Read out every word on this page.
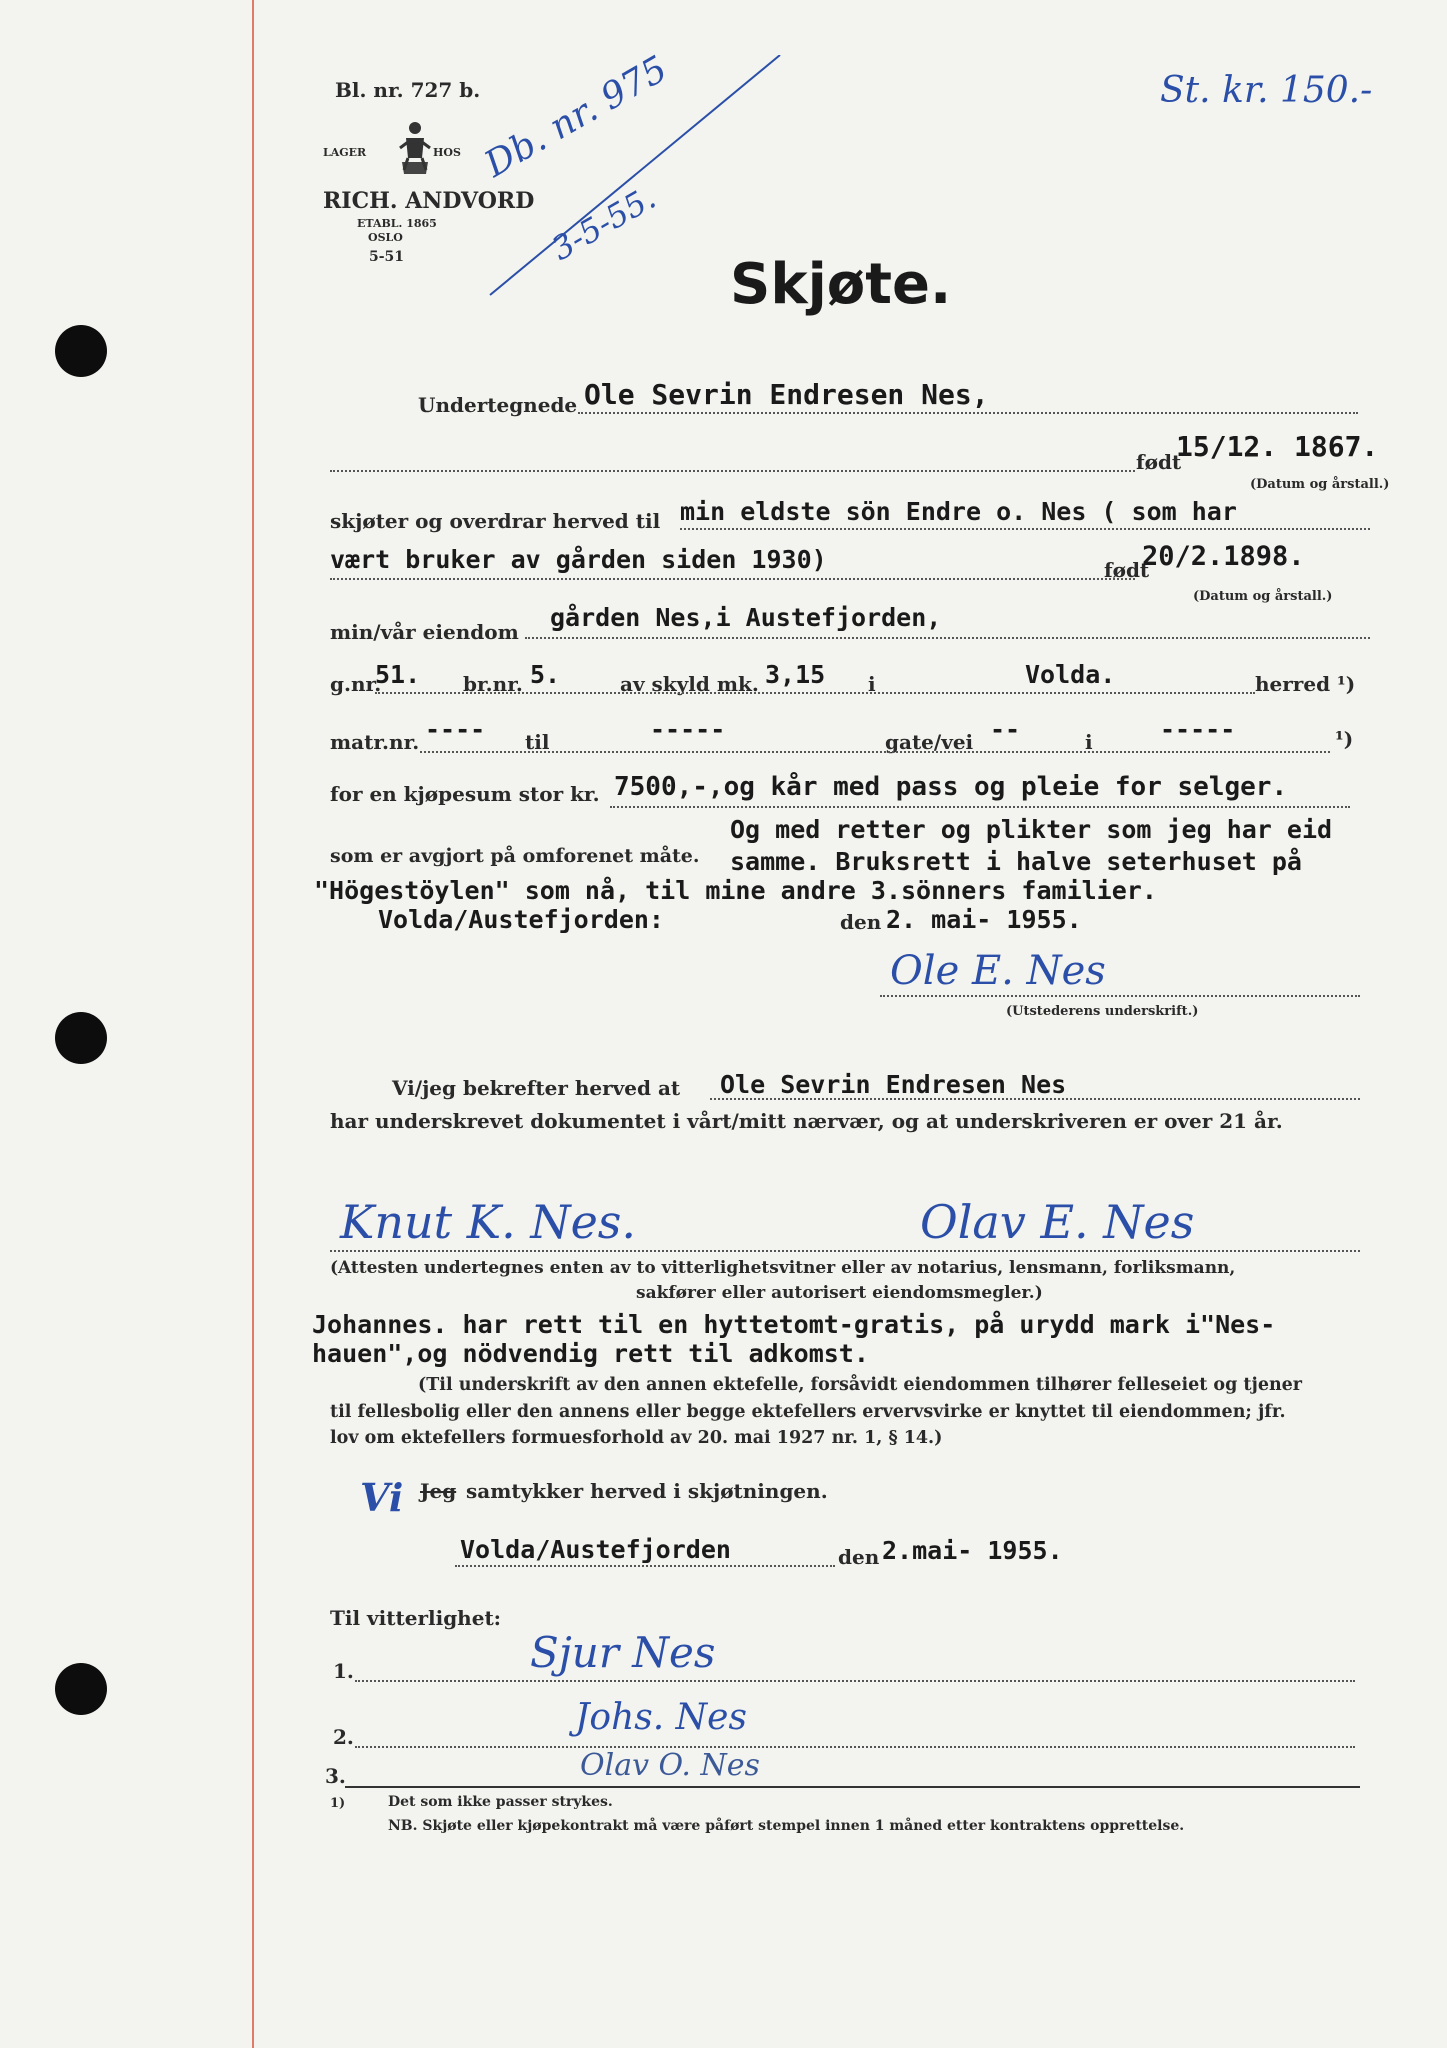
Bl. nr. 727 b.
LAGER	HOS
RICH. ANDVORD
ETABL. 1865
OSLO
5-51
Db. nr. 975
3-5-55.
St. kr. 150.-
Skjøte.
Undertegnede Ole Sevrin Endresen Nes,
født
15/12. 1867.
(Datum og årstall.)
skjøter og overdrar herved til min eldste sön Endre o. Nes ( som har
vært bruker av gården siden 1930)	født
20/2.1898.
(Datum og årstall.)
min/vår eiendom gården Nes,i Austefjorden,
g.nr.
51. br.nr. 5.	av skyld mk. 3,15 i	Volda.	herred ¹)
matr.nr. ---- til	-----	gate/vei --	i	-----	¹)
for en kjøpesum stor kr. 7500,-,og kår med pass og pleie for selger.
som er avgjort på omforenet måte.
Og med retter og plikter som jeg har eid
samme. Bruksrett i halve seterhuset på
"Högestöylen" som nå, til mine andre 3.sönners familier.
Volda/Austefjorden:	den 2. mai- 1955.
Ole E. Nes
(Utstederens underskrift.)
Vi/jeg bekrefter herved at Ole Sevrin Endresen Nes
har underskrevet dokumentet i vårt/mitt nærvær, og at underskriveren er over 21 år.
Knut K. Nes.	Olav E. Nes
(Attesten undertegnes enten av to vitterlighetsvitner eller av notarius, lensmann, forliksmann,
sakfører eller autorisert eiendomsmegler.)
Johannes. har rett til en hyttetomt-gratis, på urydd mark i"Nes-
hauen",og nödvendig rett til adkomst.
(Til underskrift av den annen ektefelle, forsåvidt eiendommen tilhører felleseiet og tjener
til fellesbolig eller den annens eller begge ektefellers ervervsvirke er knyttet til eiendommen; jfr.
lov om ektefellers formuesforhold av 20. mai 1927 nr. 1, § 14.)
Vi Jeg samtykker herved i skjøtningen.
Volda/Austefjorden	den 2.mai- 1955.
Til vitterlighet:
1.	Sjur Nes
2.	Johs. Nes
3.	Olav O. Nes
1)	Det som ikke passer strykes.
NB. Skjøte eller kjøpekontrakt må være påført stempel innen 1 måned etter kontraktens opprettelse.
